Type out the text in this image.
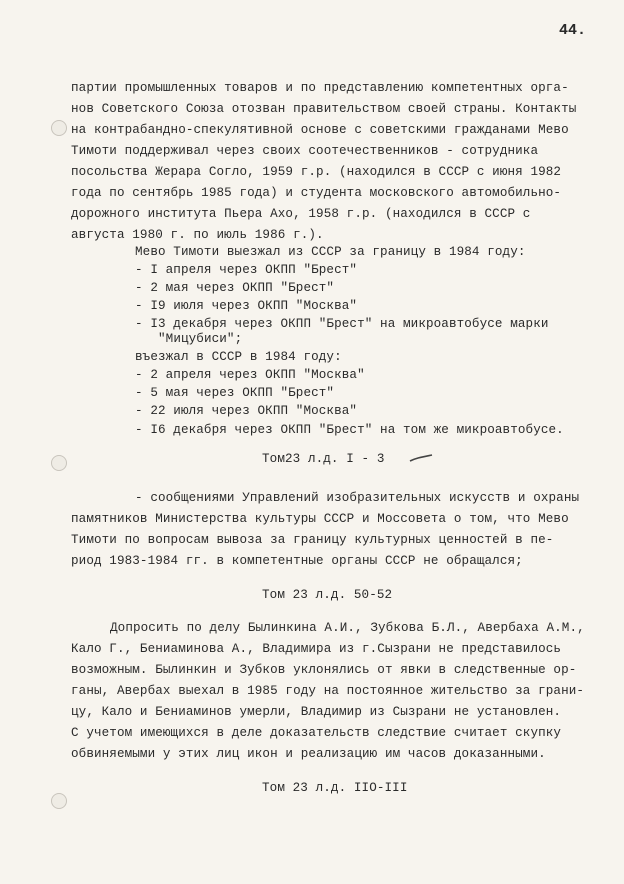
44.
партии промышленных товаров и по представлению компетентных орга-
нов Советского Союза отозван правительством своей страны. Контакты
на контрабандно-спекулятивной основе с советскими гражданами Мево
Тимоти поддерживал через своих соотечественников - сотрудника
посольства Жерара Согло, 1959 г.р. (находился в СССР с июня 1982
года по сентябрь 1985 года) и студента московского автомобильно-
дорожного института Пьера Ахо, 1958 г.р. (находился в СССР с
августа 1980 г. по июль 1986 г.).
Мево Тимоти выезжал из СССР за границу в 1984 году:
- I апреля через ОКПП "Брест"
- 2 мая через ОКПП "Брест"
- I9 июля через ОКПП "Москва"
- I3 декабря через ОКПП "Брест" на микроавтобусе марки
"Мицубиси";
въезжал в СССР в 1984 году:
- 2 апреля через ОКПП "Москва"
- 5 мая через ОКПП "Брест"
- 22 июля через ОКПП "Москва"
- I6 декабря через ОКПП "Брест" на том же микроавтобусе.
Том23 л.д. I - 3
- сообщениями Управлений изобразительных искусств и охраны
памятников Министерства культуры СССР и Моссовета о том, что Мево
Тимоти по вопросам вывоза за границу культурных ценностей в пе-
риод 1983-1984 гг. в компетентные органы СССР не обращался;
Том 23 л.д. 50-52
Допросить по делу Былинкина А.И., Зубкова Б.Л., Авербаха А.М.,
Кало Г., Бениаминова А., Владимира из г.Сызрани не представилось
возможным. Былинкин и Зубков уклонялись от явки в следственные ор-
ганы, Авербах выехал в 1985 году на постоянное жительство за грани-
цу, Кало и Бениаминов умерли, Владимир из Сызрани не установлен.
С учетом имеющихся в деле доказательств следствие считает скупку
обвиняемыми у этих лиц икон и реализацию им часов доказанными.
Том 23 л.д. IIO-III
